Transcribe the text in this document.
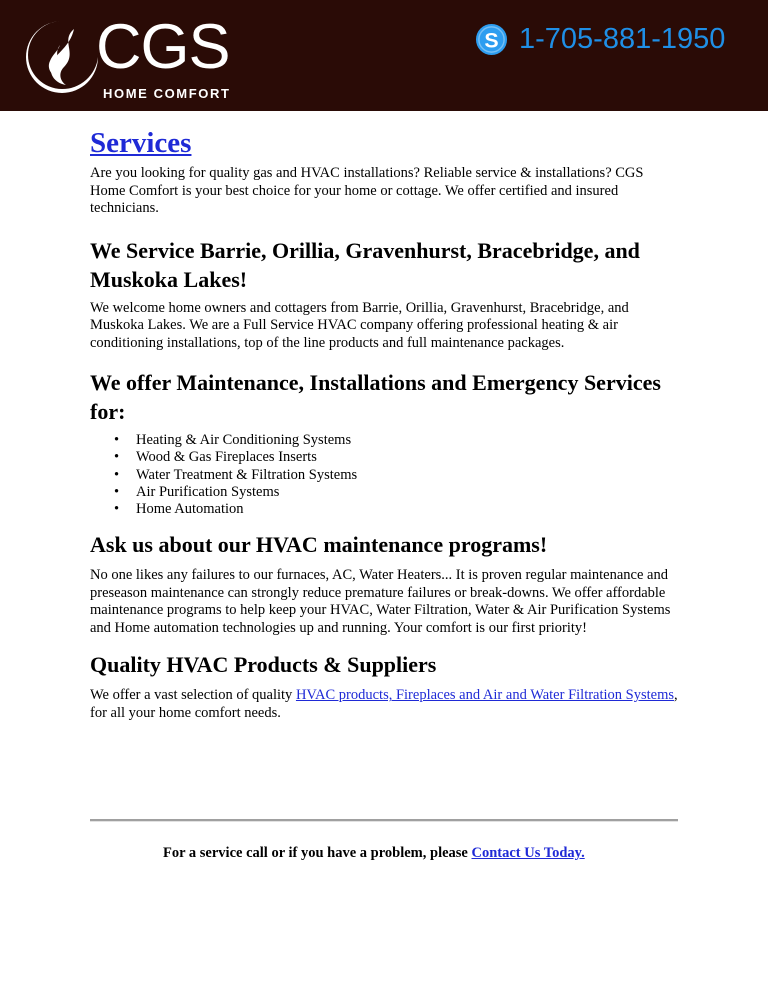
CGS
HOME COMFORT
S 1-705-881-1950
Services

Are you looking for quality gas and HVAC installations? Reliable service & installations? CGS Home Comfort is your best choice for your home or cottage. We offer certified and insured technicians.

We Service Barrie, Orillia, Gravenhurst, Bracebridge, and Muskoka Lakes!

We welcome home owners and cottagers from Barrie, Orillia, Gravenhurst, Bracebridge, and Muskoka Lakes. We are a Full Service HVAC company offering professional heating & air conditioning installations, top of the line products and full maintenance packages.

We offer Maintenance, Installations and Emergency Services for:
• Heating & Air Conditioning Systems
• Wood & Gas Fireplaces Inserts
• Water Treatment & Filtration Systems
• Air Purification Systems
• Home Automation
Ask us about our HVAC maintenance programs!

No one likes any failures to our furnaces, AC, Water Heaters... It is proven regular maintenance and preseason maintenance can strongly reduce premature failures or break-downs. We offer affordable maintenance programs to help keep your HVAC, Water Filtration, Water & Air Purification Systems and Home automation technologies up and running. Your comfort is our first priority!

Quality HVAC Products & Suppliers

We offer a vast selection of quality HVAC products, Fireplaces and Air and Water Filtration Systems, for all your home comfort needs.

For a service call or if you have a problem, please Contact Us Today.
